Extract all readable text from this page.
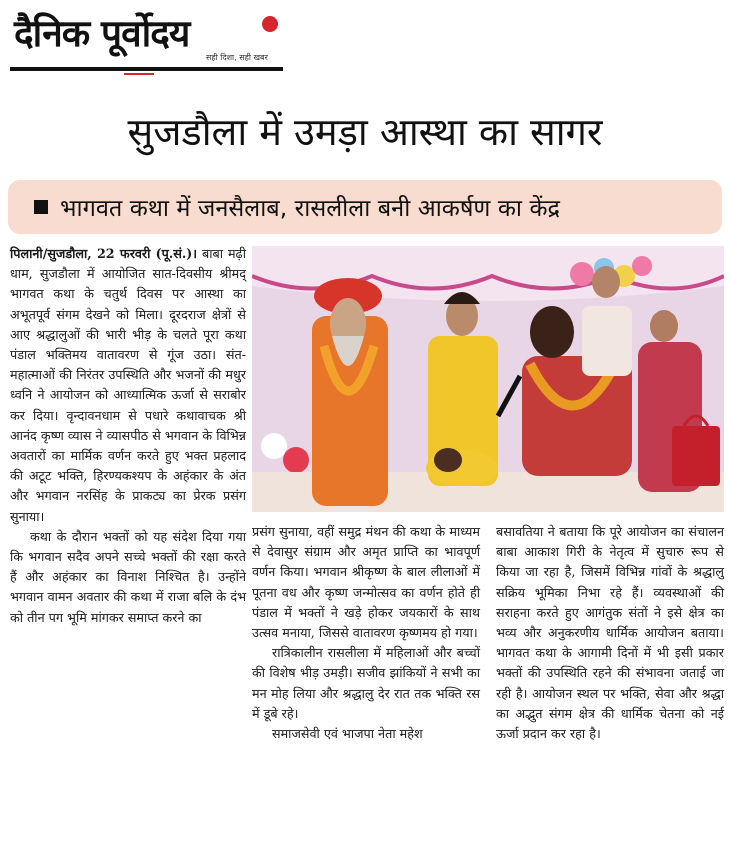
दैनिक पूर्वोदय
सही दिशा, सही खबर
सुजडौला में उमड़ा आस्था का सागर
भागवत कथा में जनसैलाब, रासलीला बनी आकर्षण का केंद्र

पिलानी/सुजडौला, 22 फरवरी (पू.सं.)। बाबा मढ़ी धाम, सुजडौला में आयोजित सात-दिवसीय श्रीमद् भागवत कथा के चतुर्थ दिवस पर आस्था का अभूतपूर्व संगम देखने को मिला। दूरदराज क्षेत्रों से आए श्रद्धालुओं की भारी भीड़ के चलते पूरा कथा पंडाल भक्तिमय वातावरण से गूंज उठा। संत-महात्माओं की निरंतर उपस्थिति और भजनों की मधुर ध्वनि ने आयोजन को आध्यात्मिक ऊर्जा से सराबोर कर दिया। वृन्दावनधाम से पधारे कथावाचक श्री आनंद कृष्ण व्यास ने व्यासपीठ से भगवान के विभिन्न अवतारों का मार्मिक वर्णन करते हुए भक्त प्रहलाद की अटूट भक्ति, हिरण्यकश्यप के अहंकार के अंत और भगवान नरसिंह के प्राकट्य का प्रेरक प्रसंग सुनाया।

कथा के दौरान भक्तों को यह संदेश दिया गया कि भगवान सदैव अपने सच्चे भक्तों की रक्षा करते हैं और अहंकार का विनाश निश्चित है। उन्होंने भगवान वामन अवतार की कथा में राजा बलि के दंभ को तीन पग भूमि मांगकर समाप्त करने का

प्रसंग सुनाया, वहीं समुद्र मंथन की कथा के माध्यम से देवासुर संग्राम और अमृत प्राप्ति का भावपूर्ण वर्णन किया। भगवान श्रीकृष्ण के बाल लीलाओं में पूतना वध और कृष्ण जन्मोत्सव का वर्णन होते ही पंडाल में भक्तों ने खड़े होकर जयकारों के साथ उत्सव मनाया, जिससे वातावरण कृष्णमय हो गया।

रात्रिकालीन रासलीला में महिलाओं और बच्चों की विशेष भीड़ उमड़ी। सजीव झांकियों ने सभी का मन मोह लिया और श्रद्धालु देर रात तक भक्ति रस में डूबे रहे।

समाजसेवी एवं भाजपा नेता महेश

बसावतिया ने बताया कि पूरे आयोजन का संचालन बाबा आकाश गिरी के नेतृत्व में सुचारु रूप से किया जा रहा है, जिसमें विभिन्न गांवों के श्रद्धालु सक्रिय भूमिका निभा रहे हैं। व्यवस्थाओं की सराहना करते हुए आगंतुक संतों ने इसे क्षेत्र का भव्य और अनुकरणीय धार्मिक आयोजन बताया। भागवत कथा के आगामी दिनों में भी इसी प्रकार भक्तों की उपस्थिति रहने की संभावना जताई जा रही है। आयोजन स्थल पर भक्ति, सेवा और श्रद्धा का अद्भुत संगम क्षेत्र की धार्मिक चेतना को नई ऊर्जा प्रदान कर रहा है।
